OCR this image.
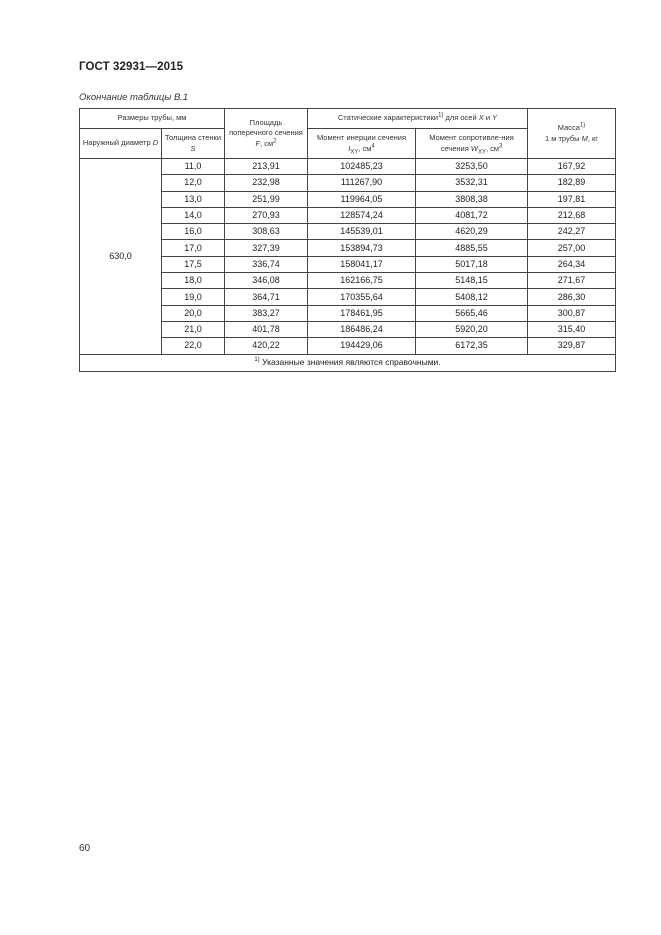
ГОСТ 32931—2015
Окончание таблицы В.1
Размеры трубы, мм		Площадь поперечного сечения F, $см^2$	Статические характеристики$^{1)}$ для осей X и Y		Масса$^{1)}$
1 м трубы M, кг
Наружный диаметр D	Толщина стенки S		Момент инерции сечения $I_{XY}$, $см^4$	Момент сопротивле-ния сечения $W_{XY}$, $см^3$
630,0	11,0	213,91	102485,23	3253,50	167,92
	12,0	232,98	111267,90	3532,31	182,89
	13,0	251,99	119964,05	3808,38	197,81
	14,0	270,93	128574,24	4081,72	212,68
	16,0	308,63	145539,01	4620,29	242,27
	17,0	327,39	153894,73	4885,55	257,00
	17,5	336,74	158041,17	5017,18	264,34
	18,0	346,08	162166,75	5148,15	271,67
	19,0	364,71	170355,64	5408,12	286,30
	20,0	383,27	178461,95	5665,46	300,87
	21,0	401,78	186486,24	5920,20	315,40
	22,0	420,22	194429,06	6172,35	329,87
$^{1)}$ Указанные значения являются справочными.					
60
